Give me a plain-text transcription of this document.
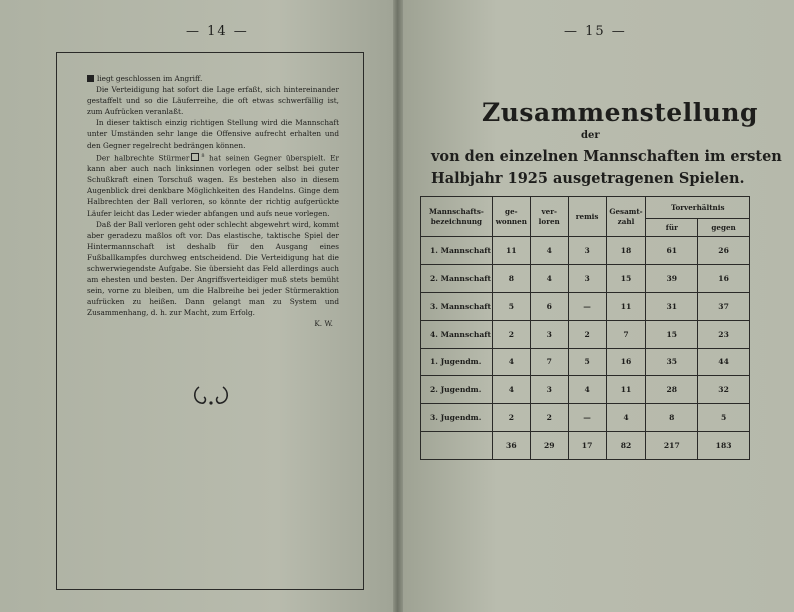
— 14 —

liegt geschlossen im Angriff.

Die Verteidigung hat sofort die Lage erfaßt, sich hintereinander gestaffelt und so die Läuferreihe, die oft etwas schwerfällig ist, zum Aufrücken veranlaßt.

In dieser taktisch einzig richtigen Stellung wird die Mannschaft unter Umständen sehr lange die Offensive aufrecht erhalten und den Gegner regelrecht bedrängen können.

Der halbrechte Stürmer $^8$ hat seinen Gegner überspielt. Er kann aber auch nach linksinnen vorlegen oder selbst bei guter Schußkraft einen Torschuß wagen. Es bestehen also in diesem Augenblick drei denkbare Möglichkeiten des Handelns. Ginge dem Halbrechten der Ball verloren, so könnte der richtig aufgerückte Läufer leicht das Leder wieder abfangen und aufs neue vorlegen.

Daß der Ball verloren geht oder schlecht abgewehrt wird, kommt aber geradezu maßlos oft vor. Das elastische, taktische Spiel der Hintermannschaft ist deshalb für den Ausgang eines Fußballkampfes durchweg entscheidend. Die Verteidigung hat die schwerwiegendste Aufgabe. Sie übersieht das Feld allerdings auch am ehesten und besten. Der Angriffsverteidiger muß stets bemüht sein, vorne zu bleiben, um die Halbreihe bei jeder Stürmeraktion aufrücken zu heißen. Dann gelangt man zu System und Zusammenhang, d. h. zur Macht, zum Erfolg.

K. W.

— 15 —
Zusammenstellung
der
von den einzelnen Mannschaften im ersten
Halbjahr 1925 ausgetragenen Spielen.
Mannschafts- bezeichnung	ge- wonnen	ver- loren	remis	Gesamt- zahl	Torverhältnis	
					für	gegen
1. Mannschaft	11	4	3	18	61	26
2. Mannschaft	8	4	3	15	39	16
3. Mannschaft	5	6	—	11	31	37
4. Mannschaft	2	3	2	7	15	23
1. Jugendm.	4	7	5	16	35	44
2. Jugendm.	4	3	4	11	28	32
3. Jugendm.	2	2	—	4	8	5
	36	29	17	82	217	183
